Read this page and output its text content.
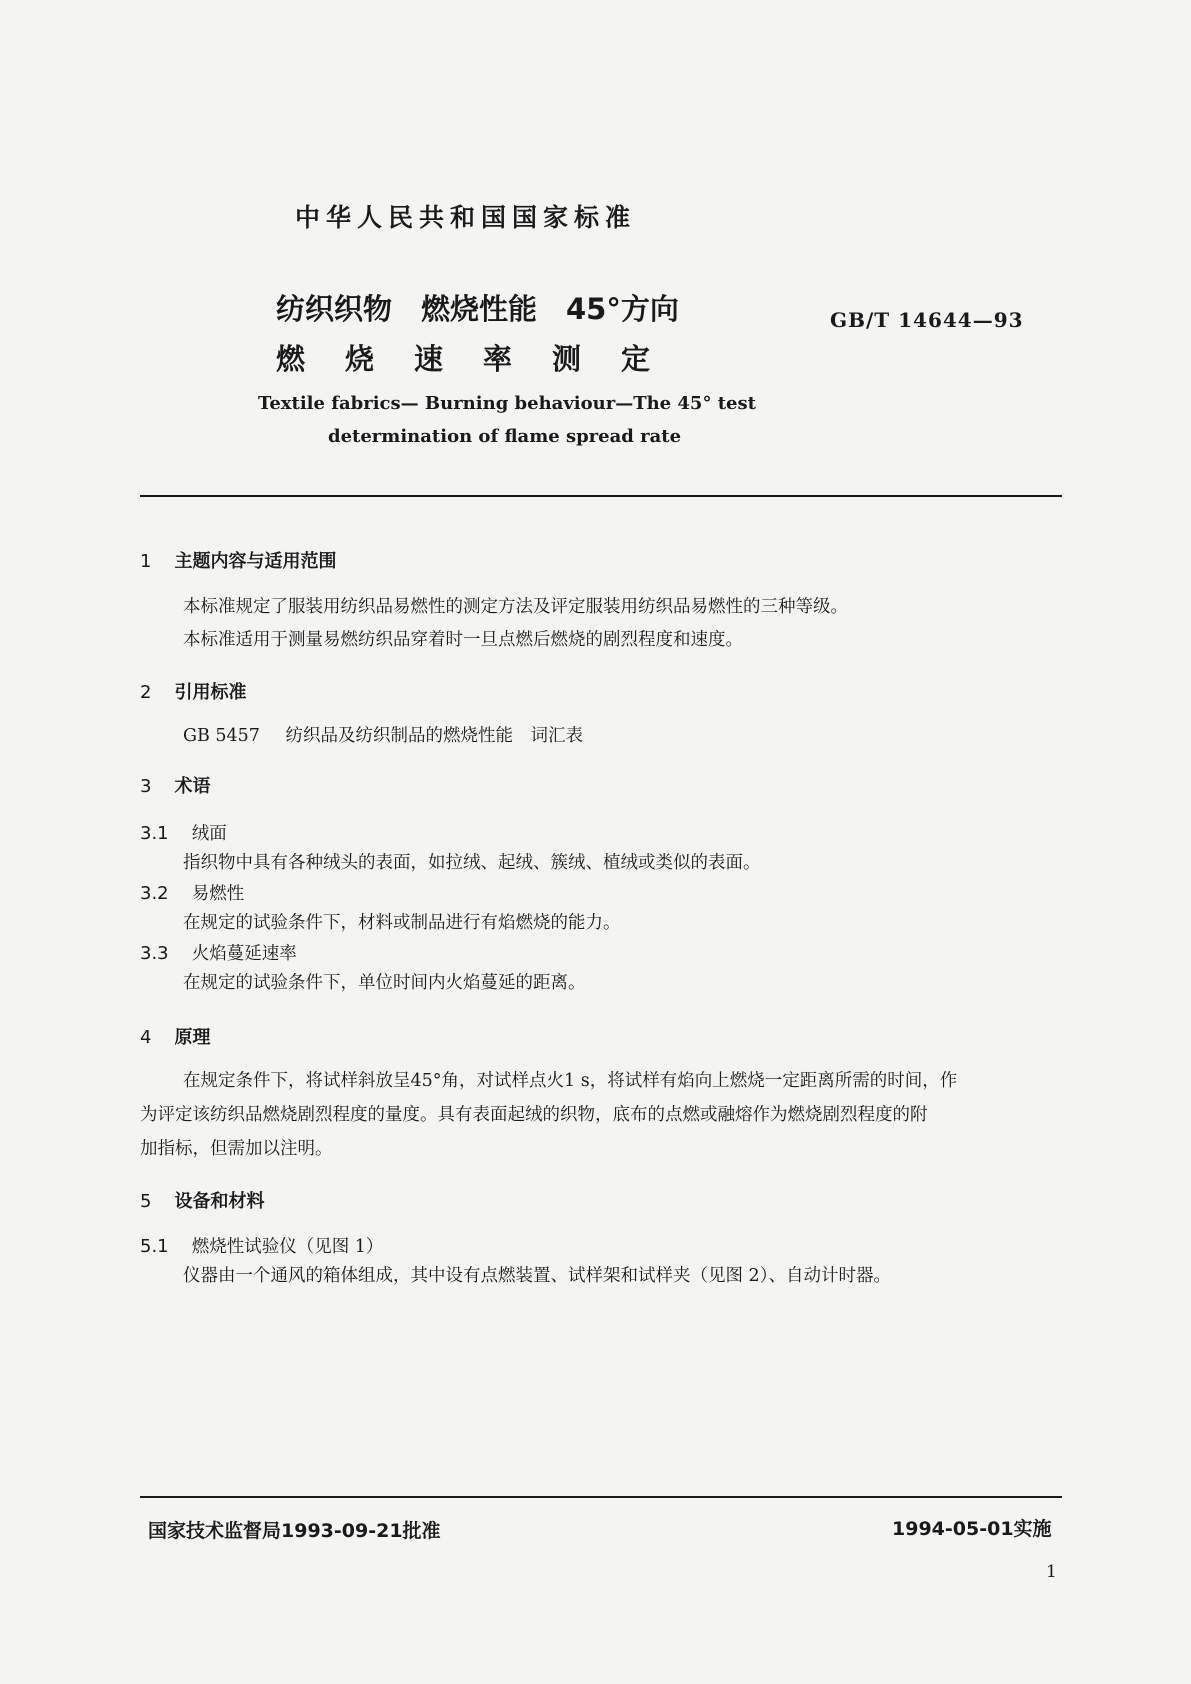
中华人民共和国国家标准
纺织织物　燃烧性能　45°方向
燃烧速率测定
GB/T 14644—93
Textile fabrics— Burning behaviour—The 45° test
determination of flame spread rate
1 主题内容与适用范围
本标准规定了服装用纺织品易燃性的测定方法及评定服装用纺织品易燃性的三种等级。
本标准适用于测量易燃纺织品穿着时一旦点燃后燃烧的剧烈程度和速度。
2 引用标准
GB 5457 纺织品及纺织制品的燃烧性能　词汇表
3 术语
3.1 绒面
指织物中具有各种绒头的表面，如拉绒、起绒、簇绒、植绒或类似的表面。
3.2 易燃性
在规定的试验条件下，材料或制品进行有焰燃烧的能力。
3.3 火焰蔓延速率
在规定的试验条件下，单位时间内火焰蔓延的距离。
4 原理
在规定条件下，将试样斜放呈45°角，对试样点火1 s，将试样有焰向上燃烧一定距离所需的时间，作
为评定该纺织品燃烧剧烈程度的量度。具有表面起绒的织物，底布的点燃或融熔作为燃烧剧烈程度的附
加指标，但需加以注明。
5 设备和材料
5.1 燃烧性试验仪（见图 1）
仪器由一个通风的箱体组成，其中设有点燃装置、试样架和试样夹（见图 2）、自动计时器。
国家技术监督局1993-09-21批准	1994-05-01实施
1
